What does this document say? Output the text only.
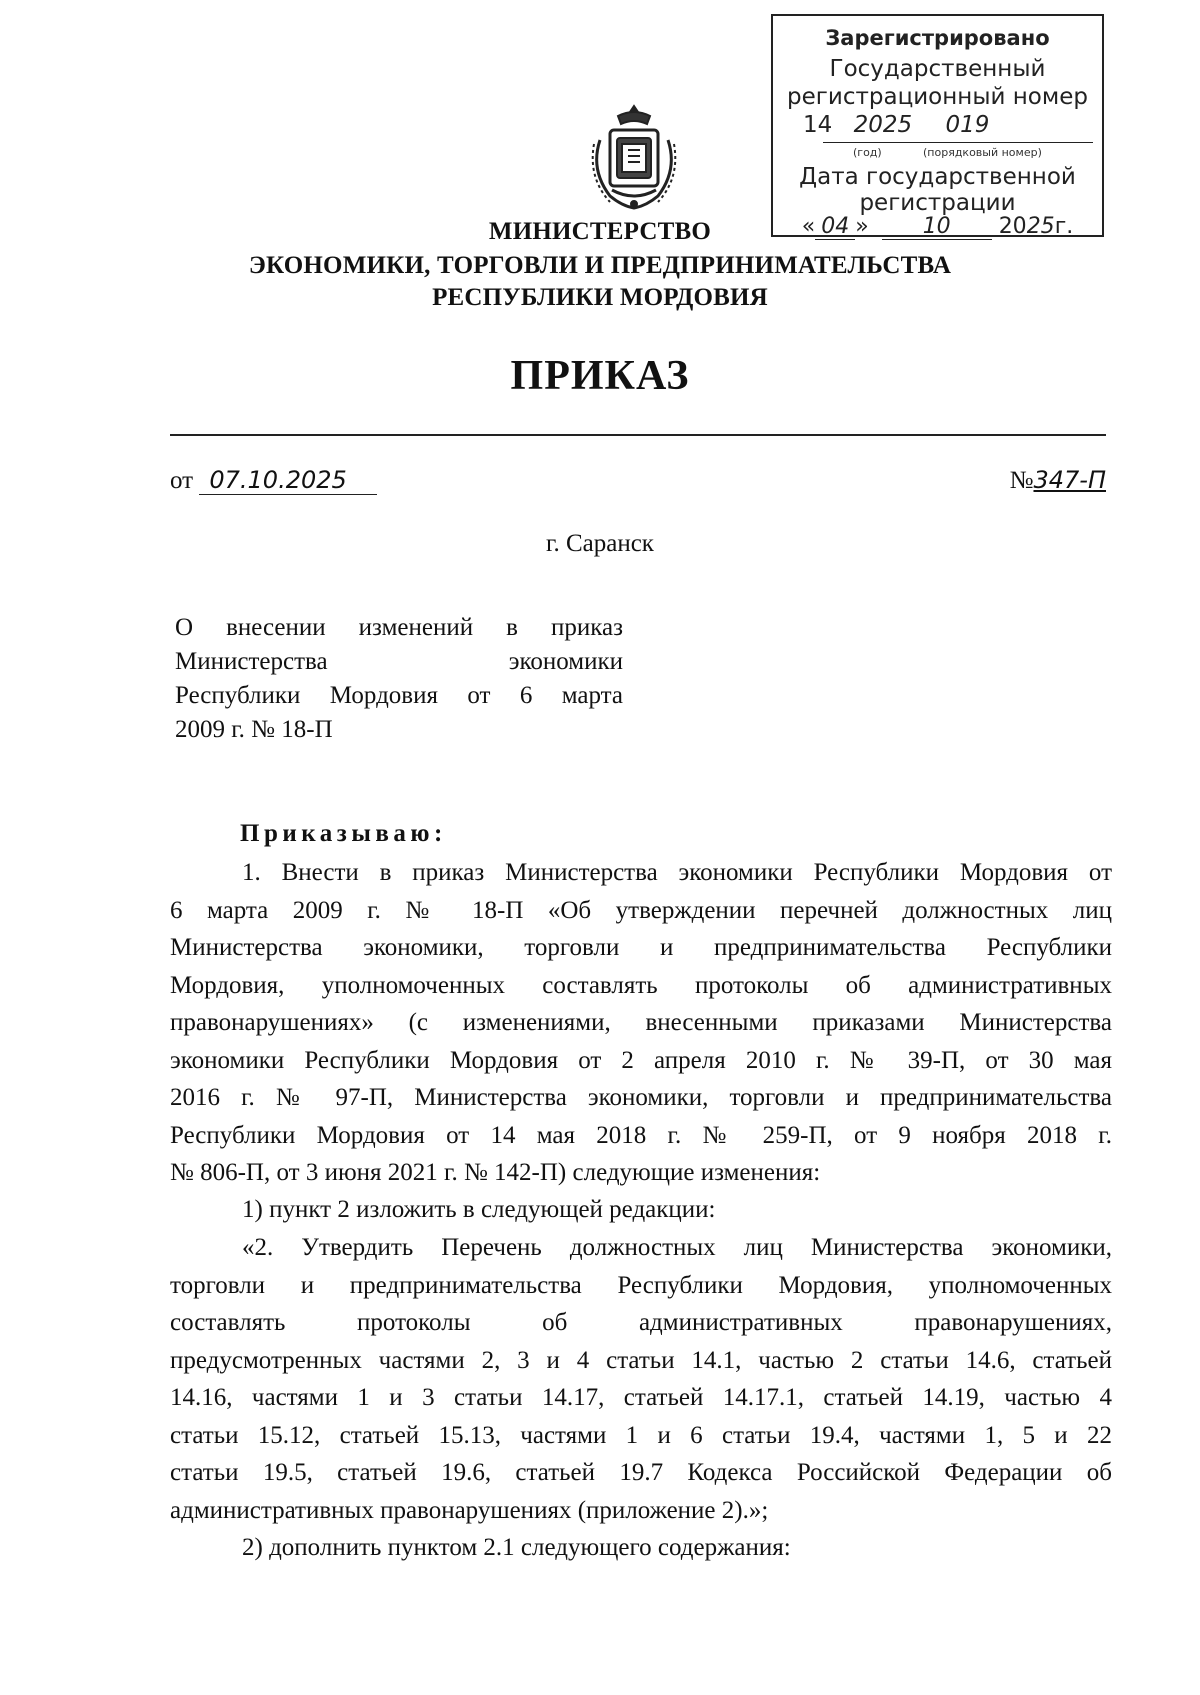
Зарегистрировано
Государственный
регистрационный номер
14 2025 019
(год)	(порядковый номер)
Дата государственной
регистрации
« 04 » 10 2025г.
МИНИСТЕРСТВО
ЭКОНОМИКИ, ТОРГОВЛИ И ПРЕДПРИНИМАТЕЛЬСТВА
РЕСПУБЛИКИ МОРДОВИЯ
ПРИКАЗ
от 07.10.2025	№347-П
г. Саранск
О внесении изменений в приказ
Министерства экономики
Республики Мордовия от 6 марта
2009 г. № 18-П
Приказываю:
1. Внести в приказ Министерства экономики Республики Мордовия от
6 марта 2009 г. № 18-П «Об утверждении перечней должностных лиц
Министерства экономики, торговли и предпринимательства Республики
Мордовия, уполномоченных составлять протоколы об административных
правонарушениях» (с изменениями, внесенными приказами Министерства
экономики Республики Мордовия от 2 апреля 2010 г. № 39-П, от 30 мая
2016 г. № 97-П, Министерства экономики, торговли и предпринимательства
Республики Мордовия от 14 мая 2018 г. № 259-П, от 9 ноября 2018 г.
№ 806-П, от 3 июня 2021 г. № 142-П) следующие изменения:
1) пункт 2 изложить в следующей редакции:
«2. Утвердить Перечень должностных лиц Министерства экономики,
торговли и предпринимательства Республики Мордовия, уполномоченных
составлять протоколы об административных правонарушениях,
предусмотренных частями 2, 3 и 4 статьи 14.1, частью 2 статьи 14.6, статьей
14.16, частями 1 и 3 статьи 14.17, статьей 14.17.1, статьей 14.19, частью 4
статьи 15.12, статьей 15.13, частями 1 и 6 статьи 19.4, частями 1, 5 и 22
статьи 19.5, статьей 19.6, статьей 19.7 Кодекса Российской Федерации об
административных правонарушениях (приложение 2).»;
2) дополнить пунктом 2.1 следующего содержания:
